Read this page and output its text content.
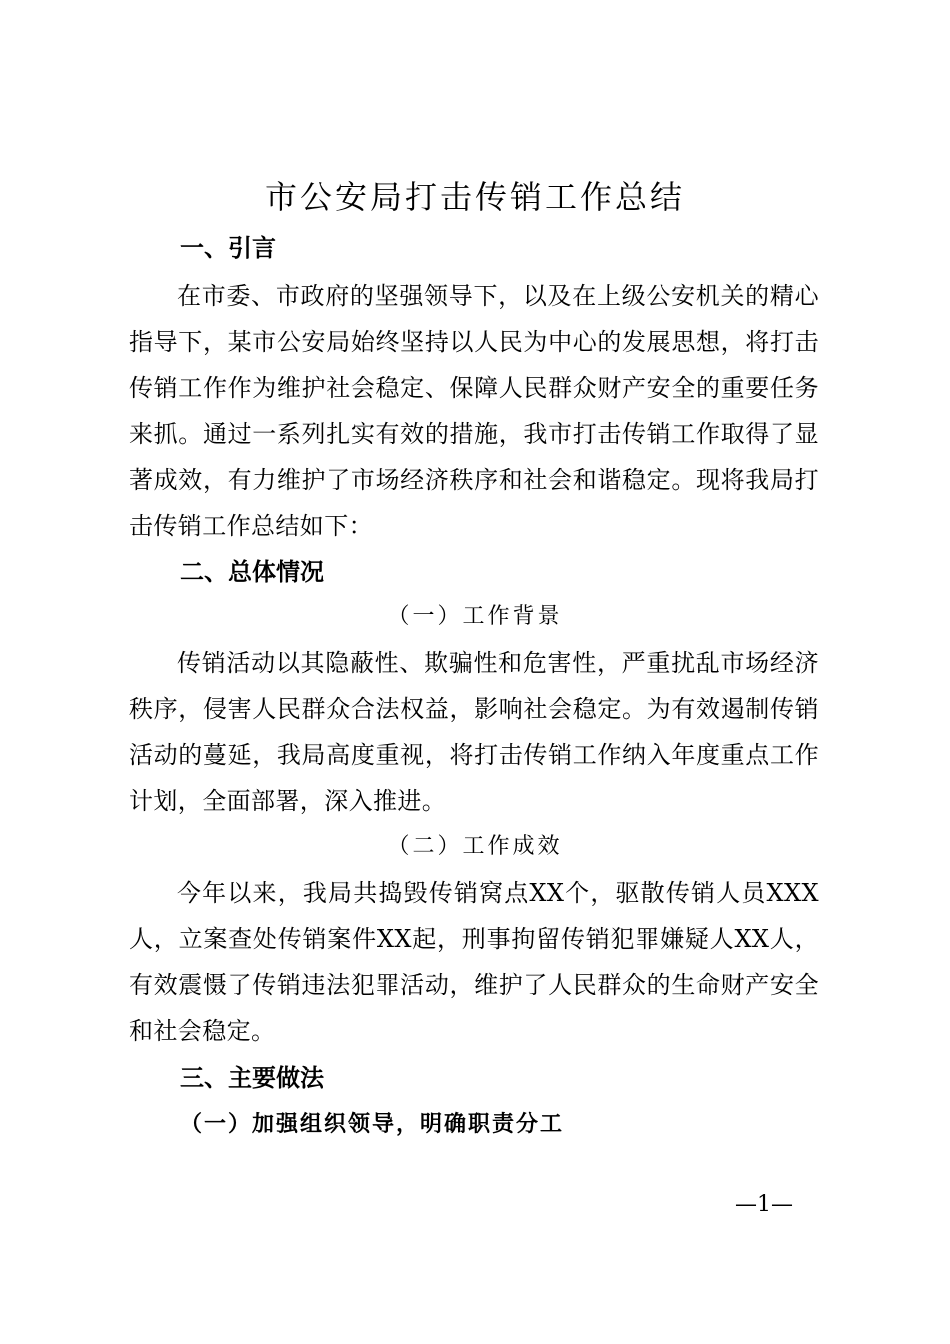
市公安局打击传销工作总结
一、引言

在市委、市政府的坚强领导下，以及在上级公安机关的精心指导下，某市公安局始终坚持以人民为中心的发展思想，将打击传销工作作为维护社会稳定、保障人民群众财产安全的重要任务来抓。通过一系列扎实有效的措施，我市打击传销工作取得了显著成效，有力维护了市场经济秩序和社会和谐稳定。现将我局打击传销工作总结如下：

二、总体情况
（一）工作背景

传销活动以其隐蔽性、欺骗性和危害性，严重扰乱市场经济秩序，侵害人民群众合法权益，影响社会稳定。为有效遏制传销活动的蔓延，我局高度重视，将打击传销工作纳入年度重点工作计划，全面部署，深入推进。

（二）工作成效

今年以来，我局共捣毁传销窝点XX个，驱散传销人员XXX人，立案查处传销案件XX起，刑事拘留传销犯罪嫌疑人XX人，有效震慑了传销违法犯罪活动，维护了人民群众的生命财产安全和社会稳定。

三、主要做法
（一）加强组织领导，明确职责分工

—1—
